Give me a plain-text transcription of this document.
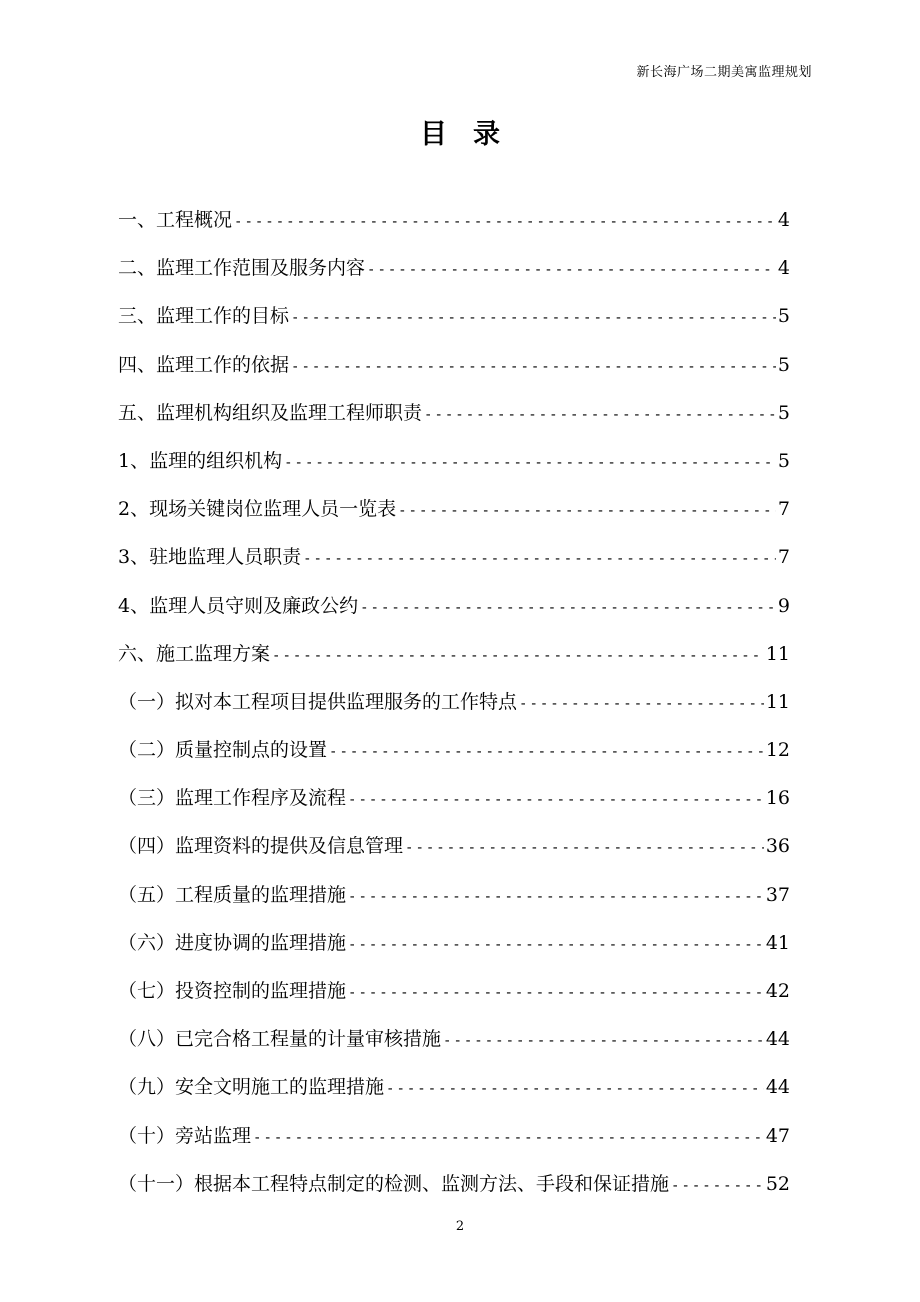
新长海广场二期美寓监理规划
目录
一、工程概况 -----	4
二、监理工作范围及服务内容 -----	4
三、监理工作的目标 -----	5
四、监理工作的依据 -----	5
五、监理机构组织及监理工程师职责 -----	5
1、监理的组织机构 -----	5
2、现场关键岗位监理人员一览表 -----	7
3、驻地监理人员职责 -----	7
4、监理人员守则及廉政公约 -----	9
六、施工监理方案 -----	11
（一）拟对本工程项目提供监理服务的工作特点 -----	11
（二）质量控制点的设置 -----	12
（三）监理工作程序及流程 -----	16
（四）监理资料的提供及信息管理 -----	36
（五）工程质量的监理措施 -----	37
（六）进度协调的监理措施 -----	41
（七）投资控制的监理措施 -----	42
（八）已完合格工程量的计量审核措施 -----	44
（九）安全文明施工的监理措施 -----	44
（十）旁站监理 -----	47
（十一）根据本工程特点制定的检测、监测方法、手段和保证措施 -----	52
2
